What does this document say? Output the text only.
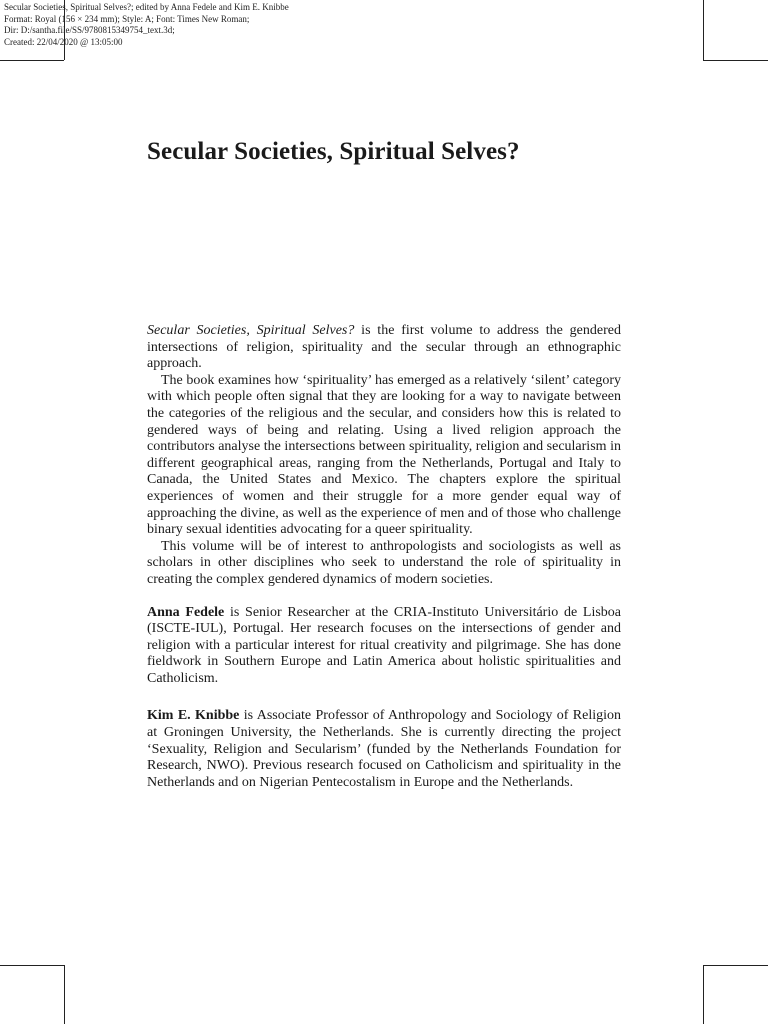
Secular Societies, Spiritual Selves?; edited by Anna Fedele and Kim E. Knibbe
Format: Royal (156 × 234 mm); Style: A; Font: Times New Roman;
Dir: D:/santha.file/SS/9780815349754_text.3d;
Created: 22/04/2020 @ 13:05:00
Secular Societies, Spiritual Selves?

Secular Societies, Spiritual Selves? is the first volume to address the gendered intersections of religion, spirituality and the secular through an ethnographic approach.

The book examines how ‘spirituality’ has emerged as a relatively ‘silent’ category with which people often signal that they are looking for a way to navigate between the categories of the religious and the secular, and considers how this is related to gendered ways of being and relating. Using a lived religion approach the contributors analyse the intersections between spirituality, religion and secularism in different geographical areas, ranging from the Netherlands, Portugal and Italy to Canada, the United States and Mexico. The chapters explore the spiritual experiences of women and their struggle for a more gender equal way of approaching the divine, as well as the experience of men and of those who challenge binary sexual identities advocating for a queer spirituality.

This volume will be of interest to anthropologists and sociologists as well as scholars in other disciplines who seek to understand the role of spirituality in creating the complex gendered dynamics of modern societies.

Anna Fedele is Senior Researcher at the CRIA-Instituto Universitário de Lisboa (ISCTE-IUL), Portugal. Her research focuses on the intersections of gender and religion with a particular interest for ritual creativity and pilgrimage. She has done fieldwork in Southern Europe and Latin America about holistic spiritualities and Catholicism.

Kim E. Knibbe is Associate Professor of Anthropology and Sociology of Religion at Groningen University, the Netherlands. She is currently directing the project ‘Sexuality, Religion and Secularism’ (funded by the Netherlands Foundation for Research, NWO). Previous research focused on Catholicism and spirituality in the Netherlands and on Nigerian Pentecostalism in Europe and the Netherlands.
